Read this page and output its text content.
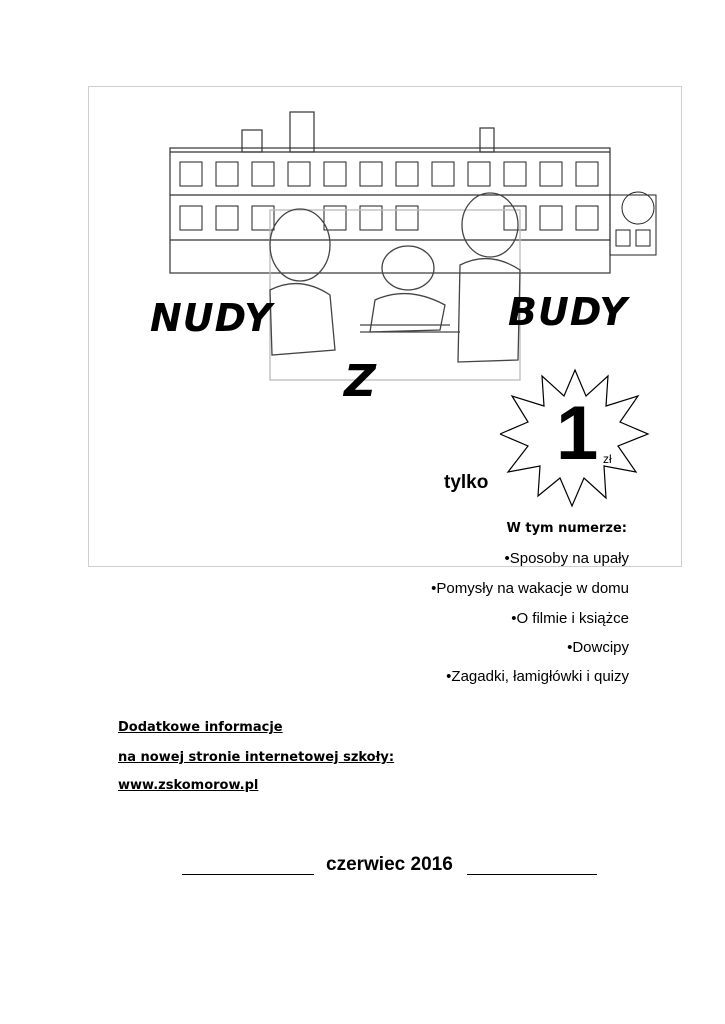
NUDY	BUDY
Z
1 zł
tylko
W tym numerze:
•Sposoby na upały
•Pomysły na wakacje w domu
•O filmie i książce
•Dowcipy
•Zagadki, łamigłówki i quizy
Dodatkowe informacje
na nowej stronie internetowej szkoły:
www.zskomorow.pl
czerwiec 2016
